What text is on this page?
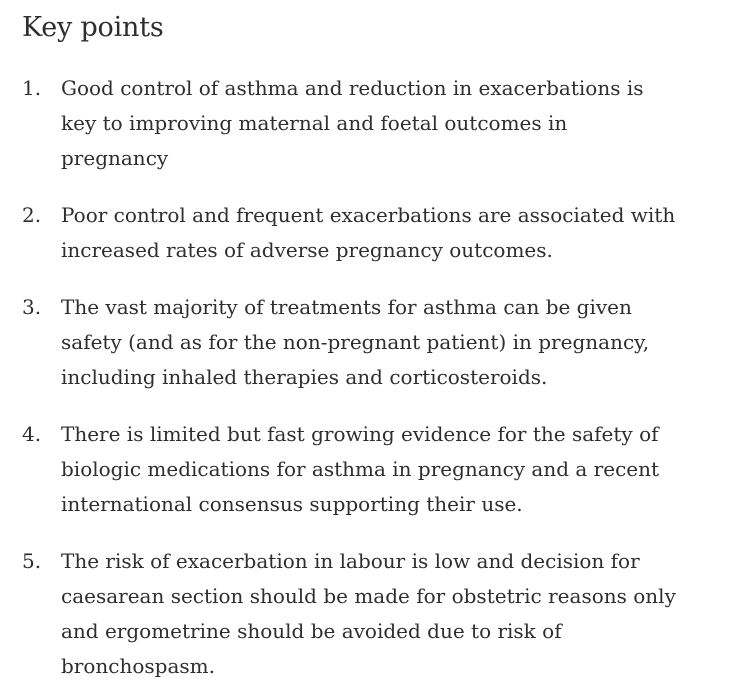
Key points
1. Good control of asthma and reduction in exacerbations is
key to improving maternal and foetal outcomes in
pregnancy
2. Poor control and frequent exacerbations are associated with
increased rates of adverse pregnancy outcomes.
3. The vast majority of treatments for asthma can be given
safety (and as for the non-pregnant patient) in pregnancy,
including inhaled therapies and corticosteroids.
4. There is limited but fast growing evidence for the safety of
biologic medications for asthma in pregnancy and a recent
international consensus supporting their use.
5. The risk of exacerbation in labour is low and decision for
caesarean section should be made for obstetric reasons only
and ergometrine should be avoided due to risk of
bronchospasm.
